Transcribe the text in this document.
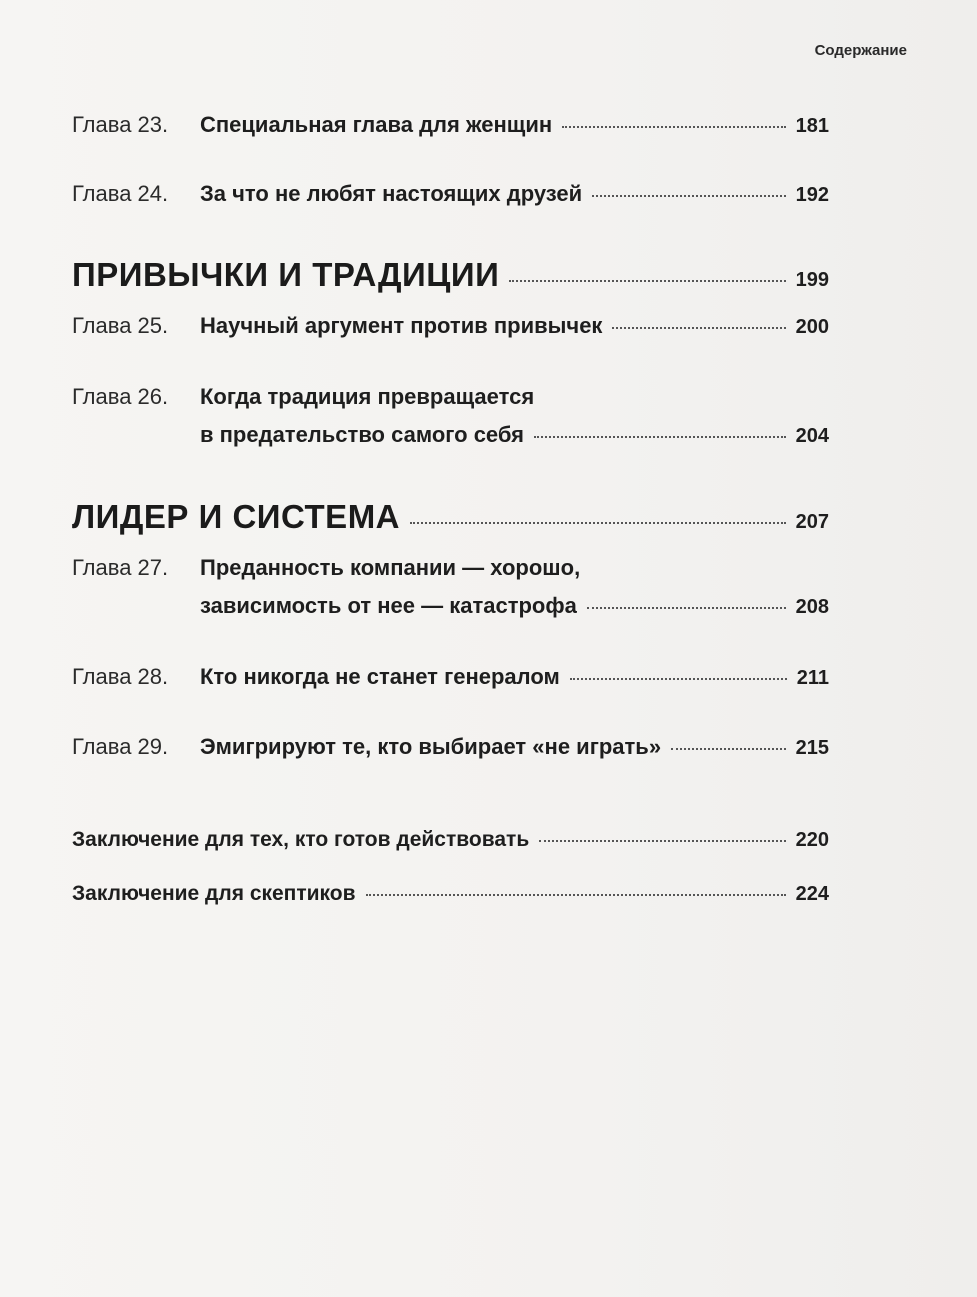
Содержание
Глава 23.	Специальная глава для женщин	181
Глава 24.	За что не любят настоящих друзей	192
ПРИВЫЧКИ И ТРАДИЦИИ	199
Глава 25.	Научный аргумент против привычек	200
Глава 26.	Когда традиция превращается
в предательство самого себя	204
ЛИДЕР И СИСТЕМА	207
Глава 27.	Преданность компании — хорошо,
зависимость от нее — катастрофа	208
Глава 28.	Кто никогда не станет генералом	211
Глава 29.	Эмигрируют те, кто выбирает «не играть»	215
Заключение для тех, кто готов действовать	220
Заключение для скептиков	224
